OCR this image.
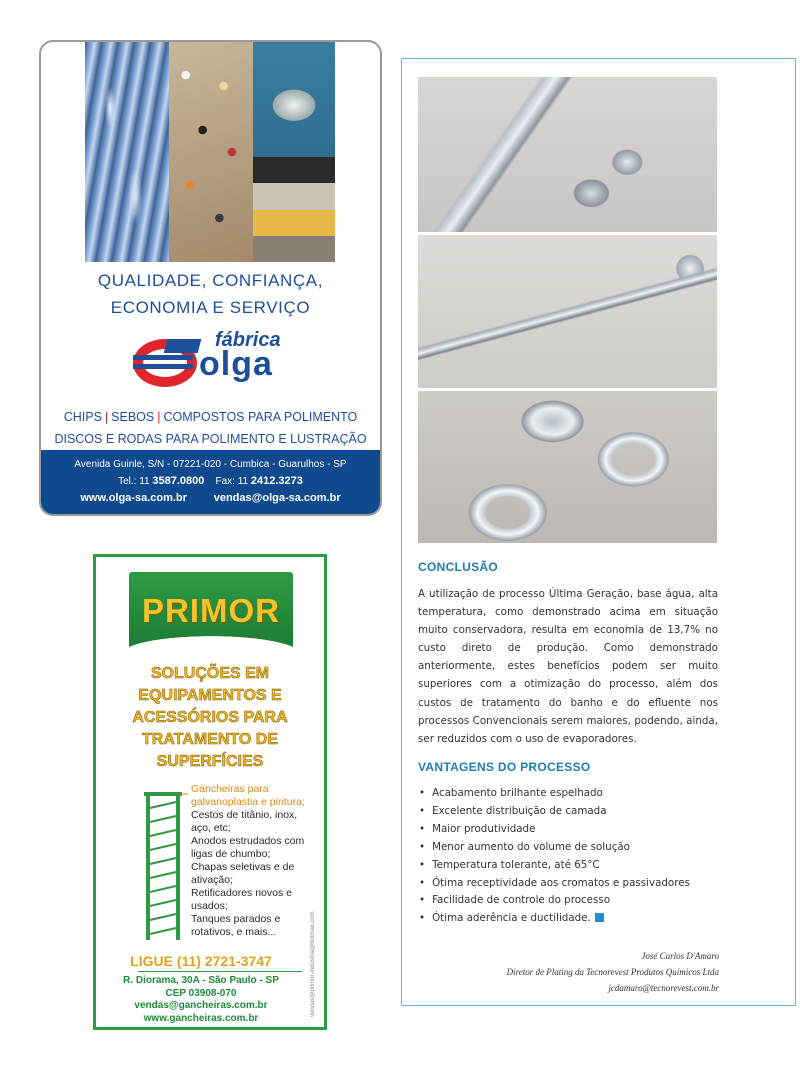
QUALIDADE, CONFIANÇA,
ECONOMIA E SERVIÇO
fábrica
olga
CHIPS | SEBOS | COMPOSTOS PARA POLIMENTO
DISCOS E RODAS PARA POLIMENTO E LUSTRAÇÃO
Avenida Guinle, S/N - 07221-020 - Cumbica - Guarulhos - SP
Tel.: 11 3587.0800 Fax: 11 2412.3273
www.olga-sa.com.br vendas@olga-sa.com.br
PRIMOR
SOLUÇÕES EM
EQUIPAMENTOS E
ACESSÓRIOS PARA
TRATAMENTO DE
SUPERFÍCIES
Gancheiras para galvanoplastia e pintura;
Cestos de titânio, inox, aço, etc;
Anodos estrudados com ligas de chumbo;
Chapas seletivas e de ativação;
Retificadores novos e usados;
Tanques parados e rotativos, e mais...
LIGUE (11) 2721-3747
R. Diorama, 30A - São Paulo - SP
CEP 03908-070
vendas@gancheiras.com.br
www.gancheiras.com.br
vendas@primor-industria@hotmail.com
CONCLUSÃO

A utilização de processo Última Geração, base água, alta temperatura, como demonstrado acima em situação muito conservadora, resulta em economia de 13,7% no custo direto de produção. Como demonstrado anteriormente, estes benefícios podem ser muito superiores com a otimização do processo, além dos custos de tratamento do banho e do efluente nos processos Convencionais serem maiores, podendo, ainda, ser reduzidos com o uso de evaporadores.

VANTAGENS DO PROCESSO
• Acabamento brilhante espelhado
• Excelente distribuição de camada
• Maior produtividade
• Menor aumento do volume de solução
• Temperatura tolerante, até 65°C
• Ótima receptividade aos cromatos e passivadores
• Facilidade de controle do processo
• Ótima aderência e ductilidade.
José Carlos D'Amaro
Diretor de Plating da Tecnorevest Produtos Químicos Ltda
jcdamaro@tecnorevest.com.br
